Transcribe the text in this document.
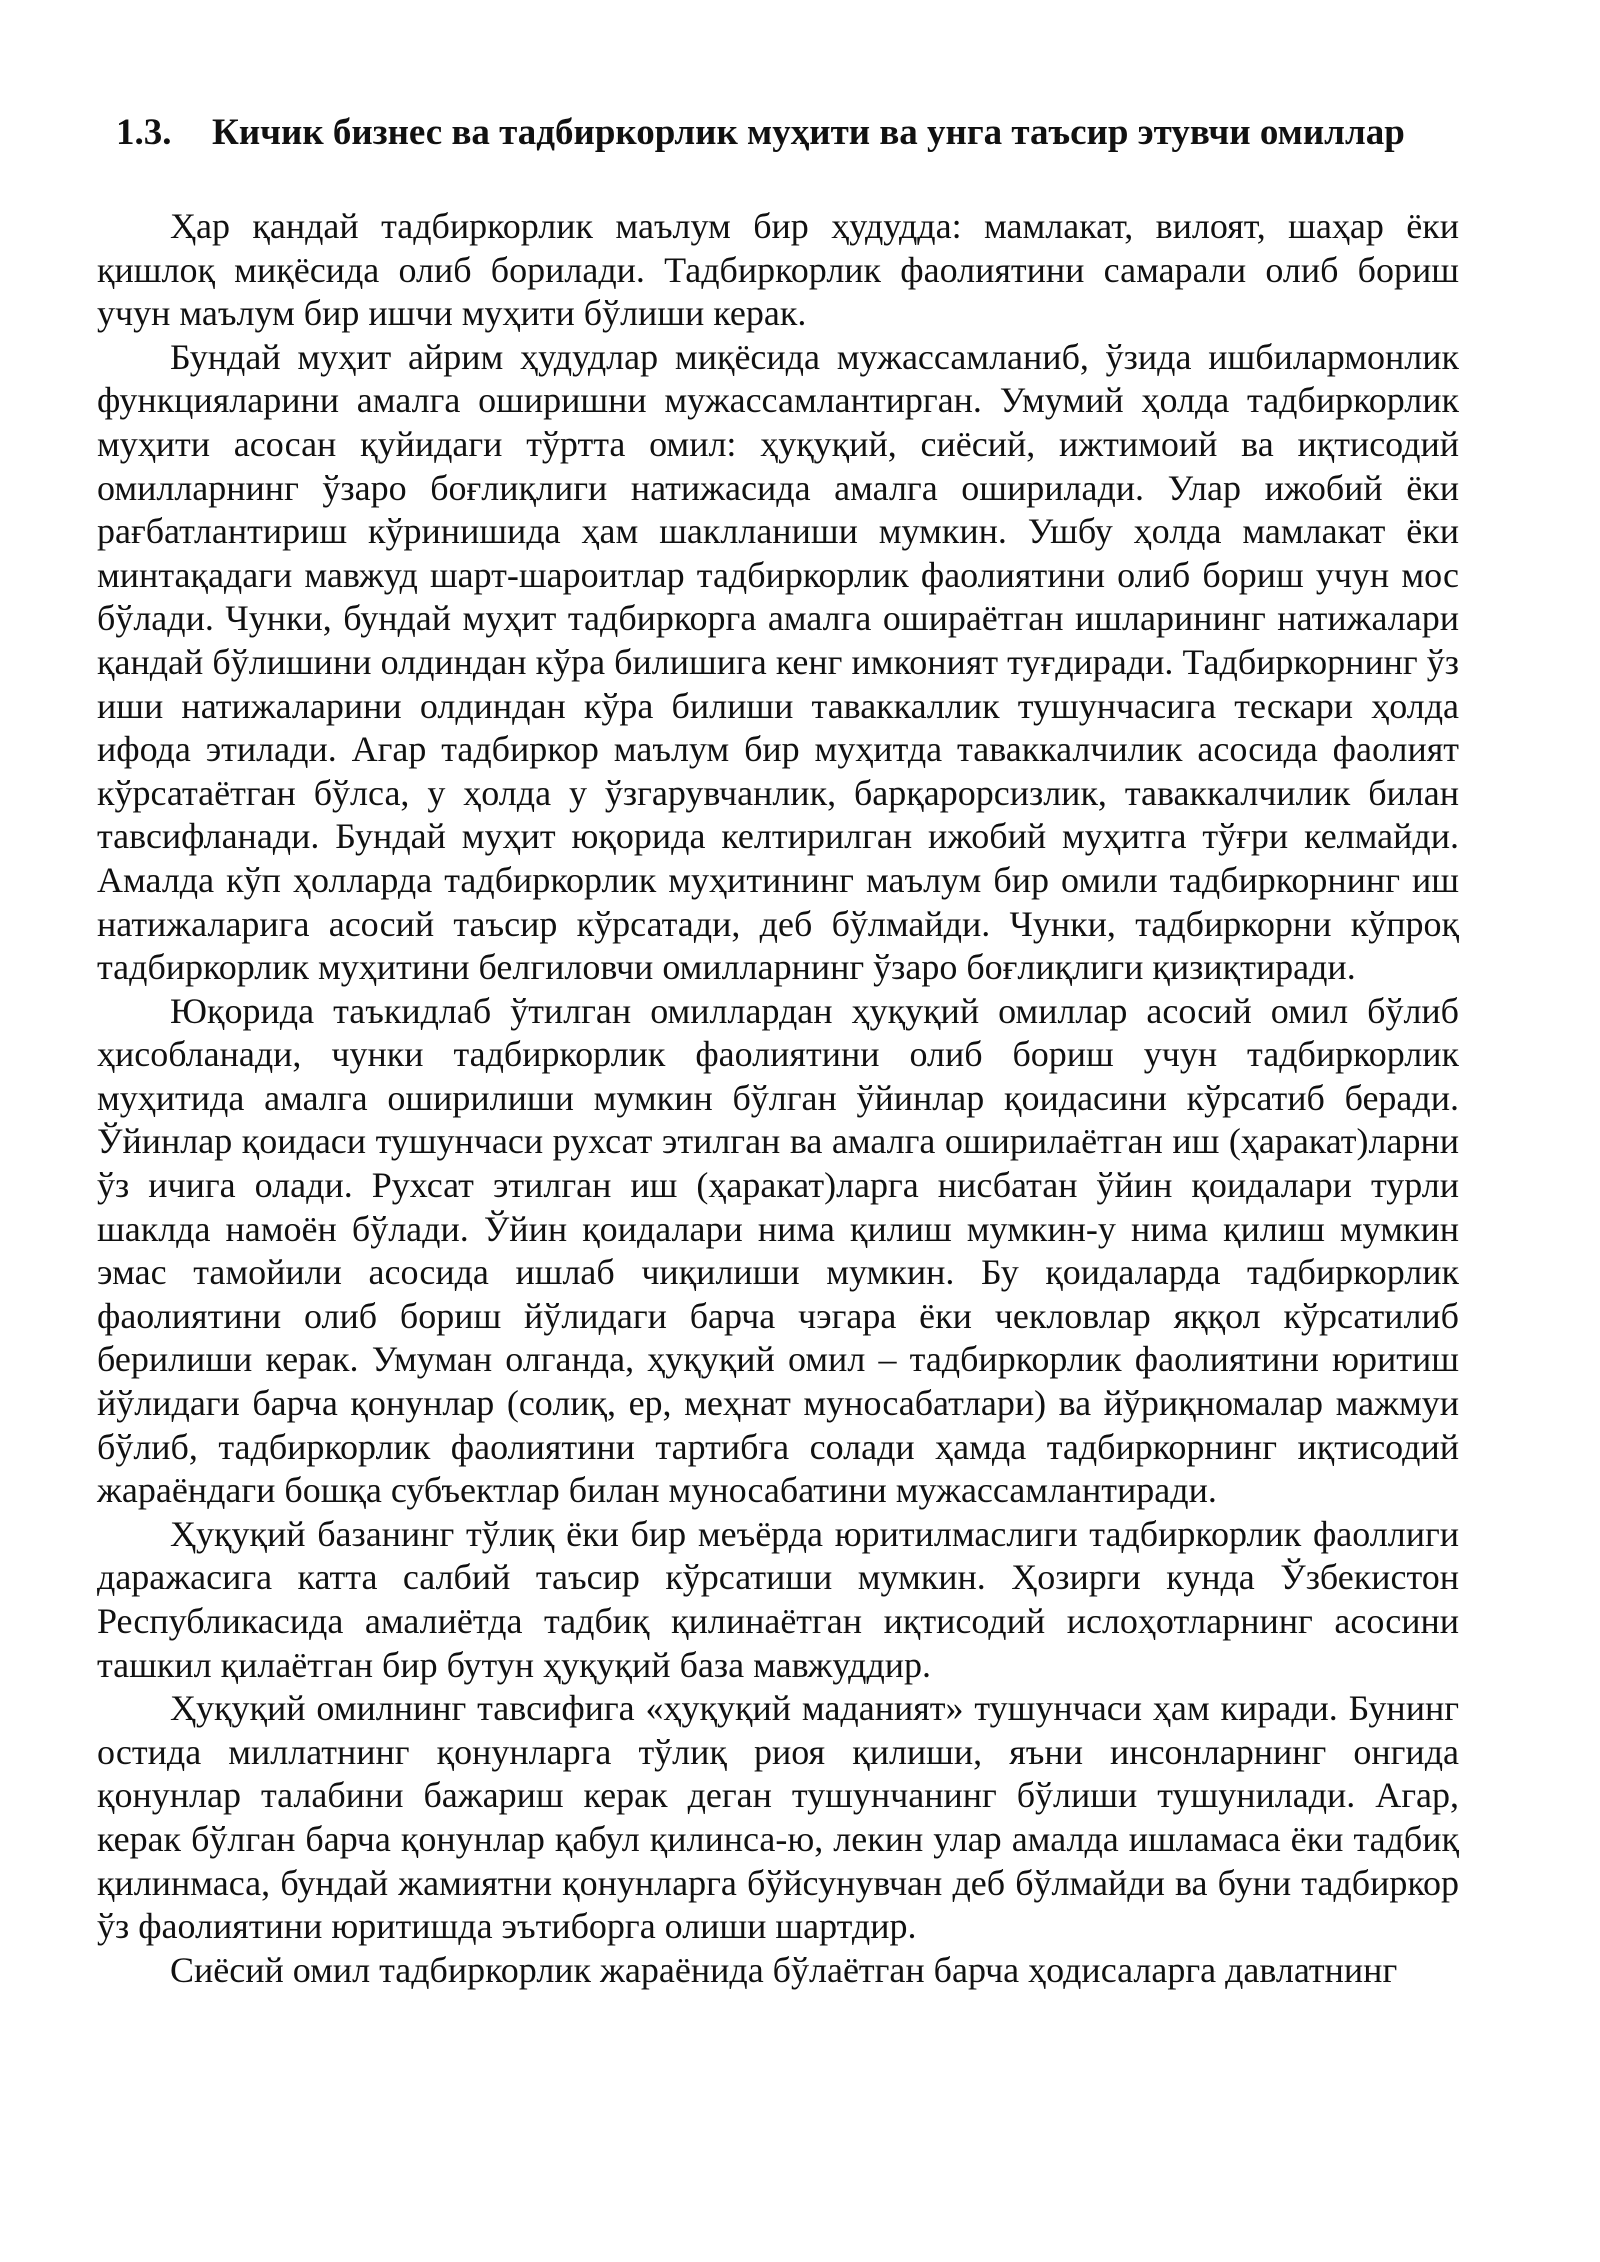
1.3. Кичик бизнес ва тадбиркорлик муҳити ва унга таъсир этувчи омиллар

Ҳар қандай тадбиркорлик маълум бир ҳудудда: мамлакат, вилоят, шаҳар ёки қишлоқ миқёсида олиб борилади. Тадбиркорлик фаолиятини самарали олиб бориш учун маълум бир ишчи муҳити бўлиши керак.

Бундай муҳит айрим ҳудудлар миқёсида мужассамланиб, ўзида ишбилармонлик функцияларини амалга оширишни мужассамлантирган. Умумий ҳолда тадбиркорлик муҳити асосан қуйидаги тўртта омил: ҳуқуқий, сиёсий, ижтимоий ва иқтисодий омилларнинг ўзаро боғлиқлиги натижасида амалга оширилади. Улар ижобий ёки рағбатлантириш кўринишида ҳам шаклланиши мумкин. Ушбу ҳолда мамлакат ёки минтақадаги мавжуд шарт-шароитлар тадбиркорлик фаолиятини олиб бориш учун мос бўлади. Чунки, бундай муҳит тадбиркорга амалга ошираётган ишларининг натижалари қандай бўлишини олдиндан кўра билишига кенг имконият туғдиради. Тадбиркорнинг ўз иши натижаларини олдиндан кўра билиши таваккаллик тушунчасига тескари ҳолда ифода этилади. Агар тадбиркор маълум бир муҳитда таваккалчилик асосида фаолият кўрсатаётган бўлса, у ҳолда у ўзгарувчанлик, барқарорсизлик, таваккалчилик билан тавсифланади. Бундай муҳит юқорида келтирилган ижобий муҳитга тўғри келмайди. Амалда кўп ҳолларда тадбиркорлик муҳитининг маълум бир омили тадбиркорнинг иш натижаларига асосий таъсир кўрсатади, деб бўлмайди. Чунки, тадбиркорни кўпроқ тадбиркорлик муҳитини белгиловчи омилларнинг ўзаро боғлиқлиги қизиқтиради.

Юқорида таъкидлаб ўтилган омиллардан ҳуқуқий омиллар асосий омил бўлиб ҳисобланади, чунки тадбиркорлик фаолиятини олиб бориш учун тадбиркорлик муҳитида амалга оширилиши мумкин бўлган ўйинлар қоидасини кўрсатиб беради. Ўйинлар қоидаси тушунчаси рухсат этилган ва амалга оширилаётган иш (ҳаракат)ларни ўз ичига олади. Рухсат этилган иш (ҳаракат)ларга нисбатан ўйин қоидалари турли шаклда намоён бўлади. Ўйин қоидалари нима қилиш мумкин-у нима қилиш мумкин эмас тамойили асосида ишлаб чиқилиши мумкин. Бу қоидаларда тадбиркорлик фаолиятини олиб бориш йўлидаги барча чэгара ёки чекловлар яққол кўрсатилиб берилиши керак. Умуман олганда, ҳуқуқий омил – тадбиркорлик фаолиятини юритиш йўлидаги барча қонунлар (солиқ, ер, меҳнат муносабатлари) ва йўриқномалар мажмуи бўлиб, тадбиркорлик фаолиятини тартибга солади ҳамда тадбиркорнинг иқтисодий жараёндаги бошқа субъектлар билан муносабатини мужассамлантиради.

Ҳуқуқий базанинг тўлиқ ёки бир меъёрда юритилмаслиги тадбиркорлик фаоллиги даражасига катта салбий таъсир кўрсатиши мумкин. Ҳозирги кунда Ўзбекистон Республикасида амалиётда тадбиқ қилинаётган иқтисодий ислоҳотларнинг асосини ташкил қилаётган бир бутун ҳуқуқий база мавжуддир.

Ҳуқуқий омилнинг тавсифига «ҳуқуқий маданият» тушунчаси ҳам киради. Бунинг остида миллатнинг қонунларга тўлиқ риоя қилиши, яъни инсонларнинг онгида қонунлар талабини бажариш керак деган тушунчанинг бўлиши тушунилади. Агар, керак бўлган барча қонунлар қабул қилинса-ю, лекин улар амалда ишламаса ёки тадбиқ қилинмаса, бундай жамиятни қонунларга бўйсунувчан деб бўлмайди ва буни тадбиркор ўз фаолиятини юритишда эътиборга олиши шартдир.

Сиёсий омил тадбиркорлик жараёнида бўлаётган барча ҳодисаларга давлатнинг
